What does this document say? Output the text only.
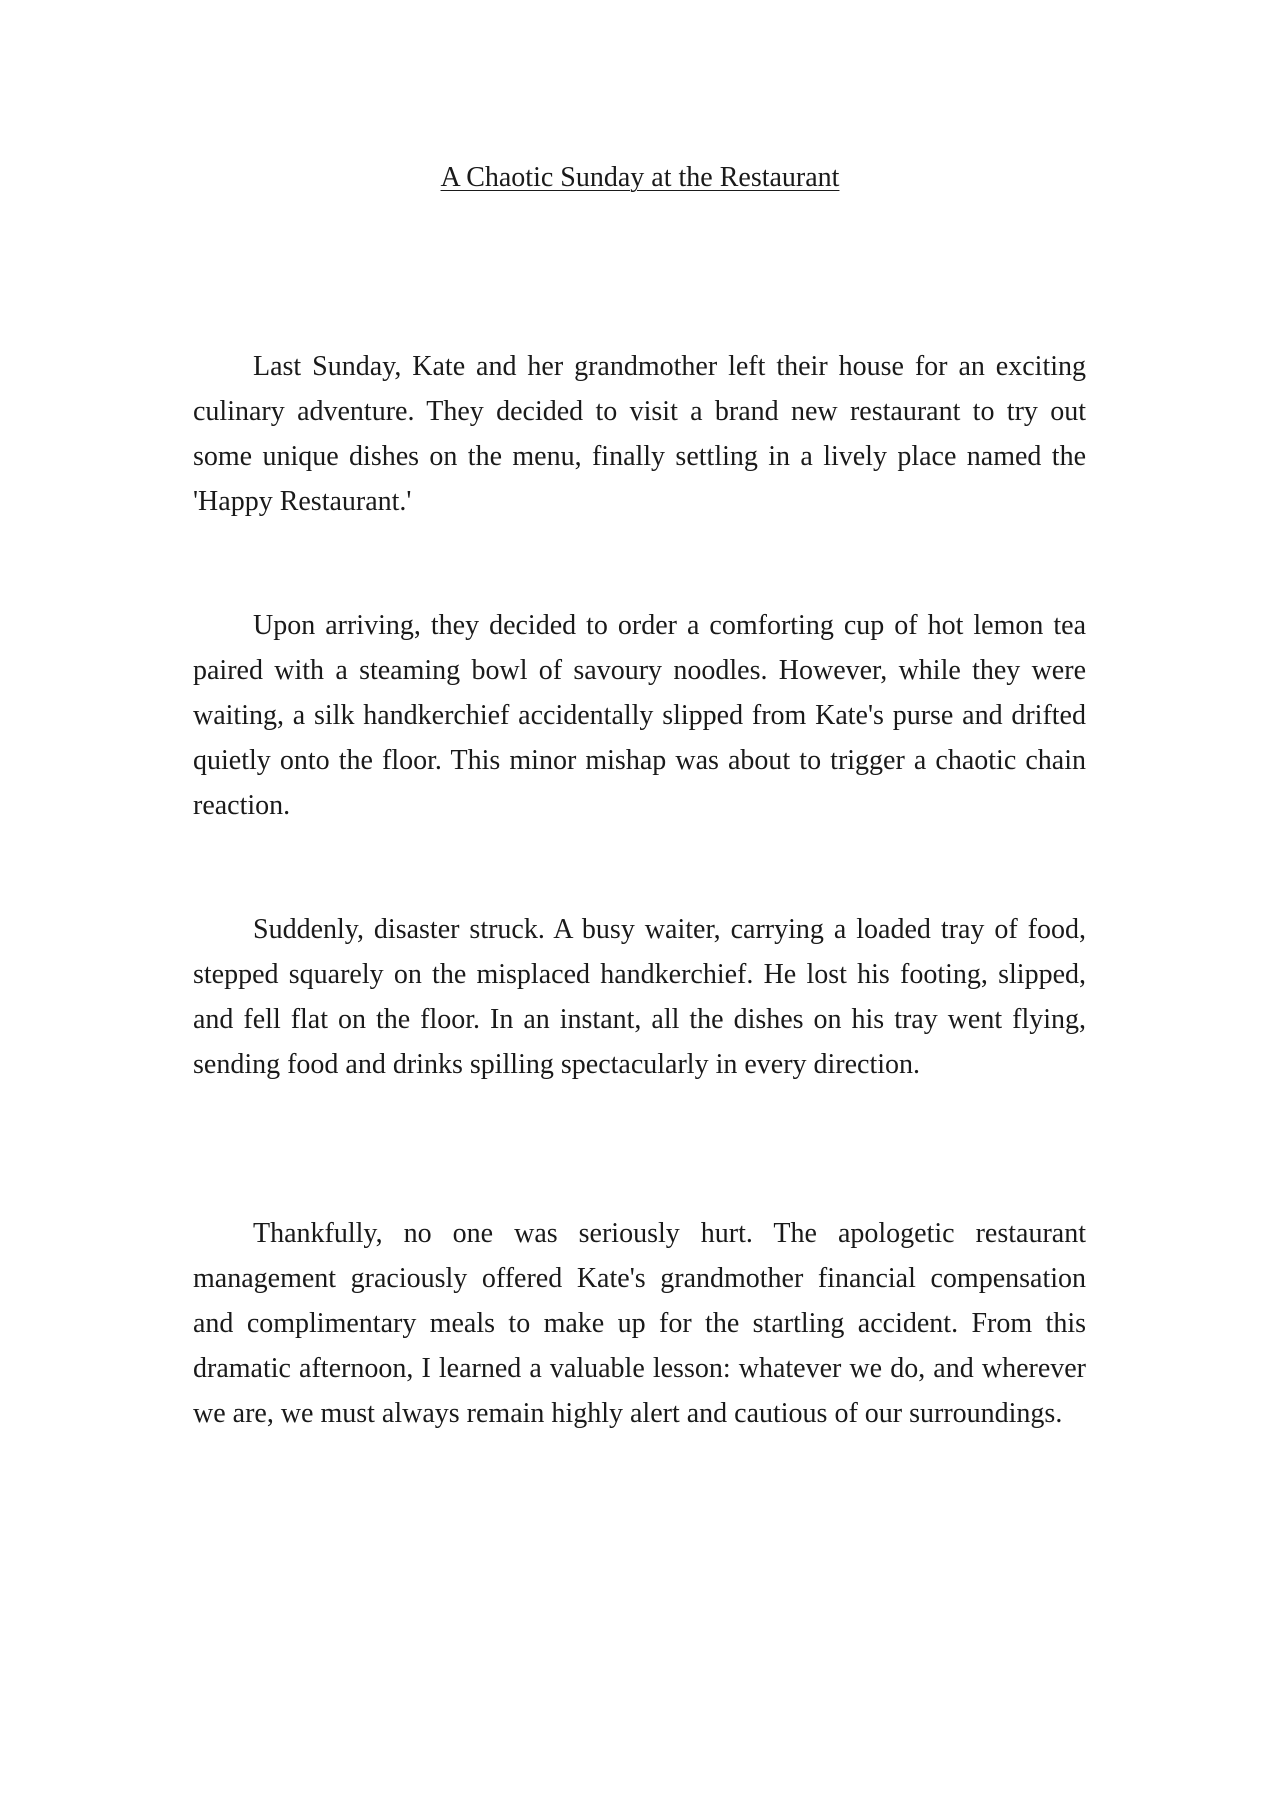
A Chaotic Sunday at the Restaurant

Last Sunday, Kate and her grandmother left their house for an exciting culinary adventure. They decided to visit a brand new restaurant to try out some unique dishes on the menu, finally settling in a lively place named the 'Happy Restaurant.'

Upon arriving, they decided to order a comforting cup of hot lemon tea paired with a steaming bowl of savoury noodles. However, while they were waiting, a silk handkerchief accidentally slipped from Kate's purse and drifted quietly onto the floor. This minor mishap was about to trigger a chaotic chain reaction.

Suddenly, disaster struck. A busy waiter, carrying a loaded tray of food, stepped squarely on the misplaced handkerchief. He lost his footing, slipped, and fell flat on the floor. In an instant, all the dishes on his tray went flying, sending food and drinks spilling spectacularly in every direction.

Thankfully, no one was seriously hurt. The apologetic restaurant management graciously offered Kate's grandmother financial compensation and complimentary meals to make up for the startling accident. From this dramatic afternoon, I learned a valuable lesson: whatever we do, and wherever we are, we must always remain highly alert and cautious of our surroundings.
